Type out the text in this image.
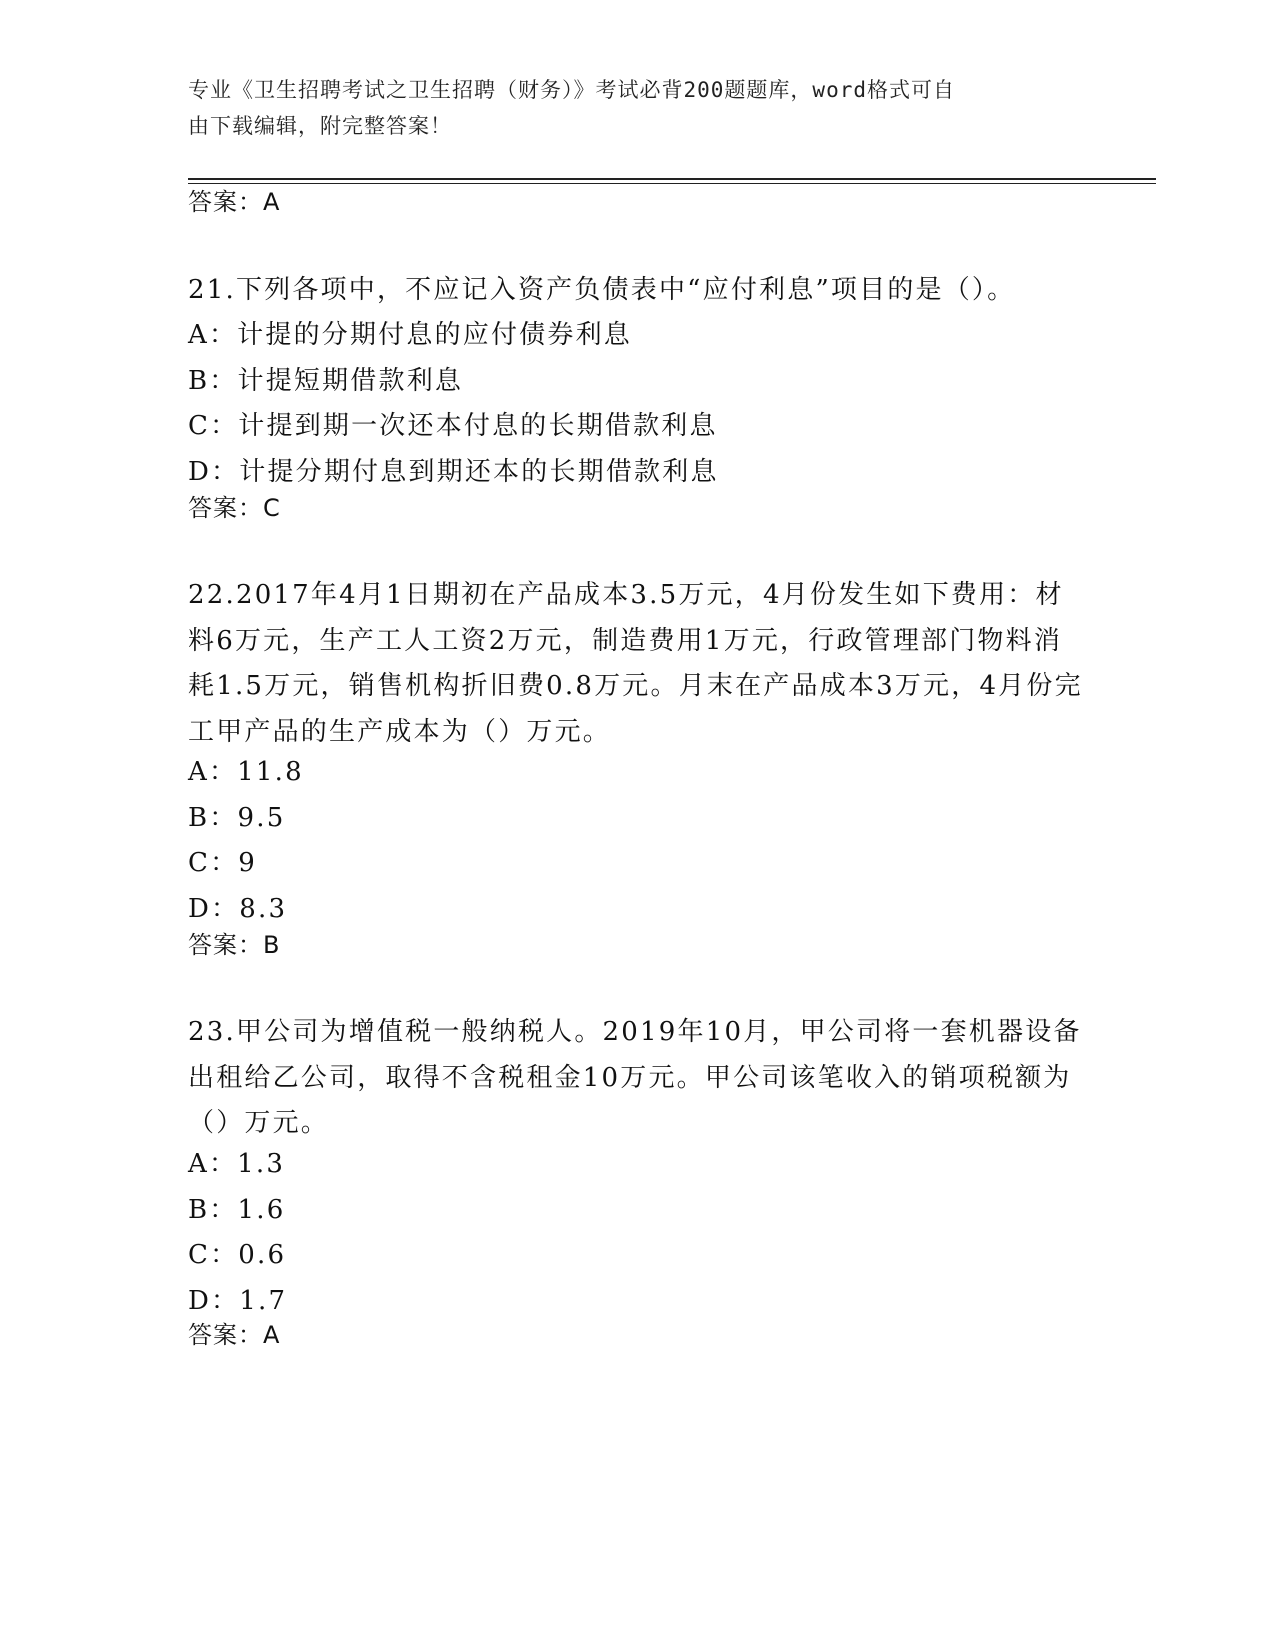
专业《卫生招聘考试之卫生招聘（财务）》考试必背200题题库，word格式可自
由下载编辑，附完整答案！
答案：A
21.下列各项中，不应记入资产负债表中“应付利息”项目的是（）。
A：计提的分期付息的应付债券利息
B：计提短期借款利息
C：计提到期一次还本付息的长期借款利息
D：计提分期付息到期还本的长期借款利息
答案：C
22.2017年4月1日期初在产品成本3.5万元，4月份发生如下费用：材料6万元，生产工人工资2万元，制造费用1万元，行政管理部门物料消耗1.5万元，销售机构折旧费0.8万元。月末在产品成本3万元，4月份完工甲产品的生产成本为（）万元。
A：11.8
B：9.5
C：9
D：8.3
答案：B
23.甲公司为增值税一般纳税人。2019年10月，甲公司将一套机器设备出租给乙公司，取得不含税租金10万元。甲公司该笔收入的销项税额为（）万元。
A：1.3
B：1.6
C：0.6
D：1.7
答案：A
